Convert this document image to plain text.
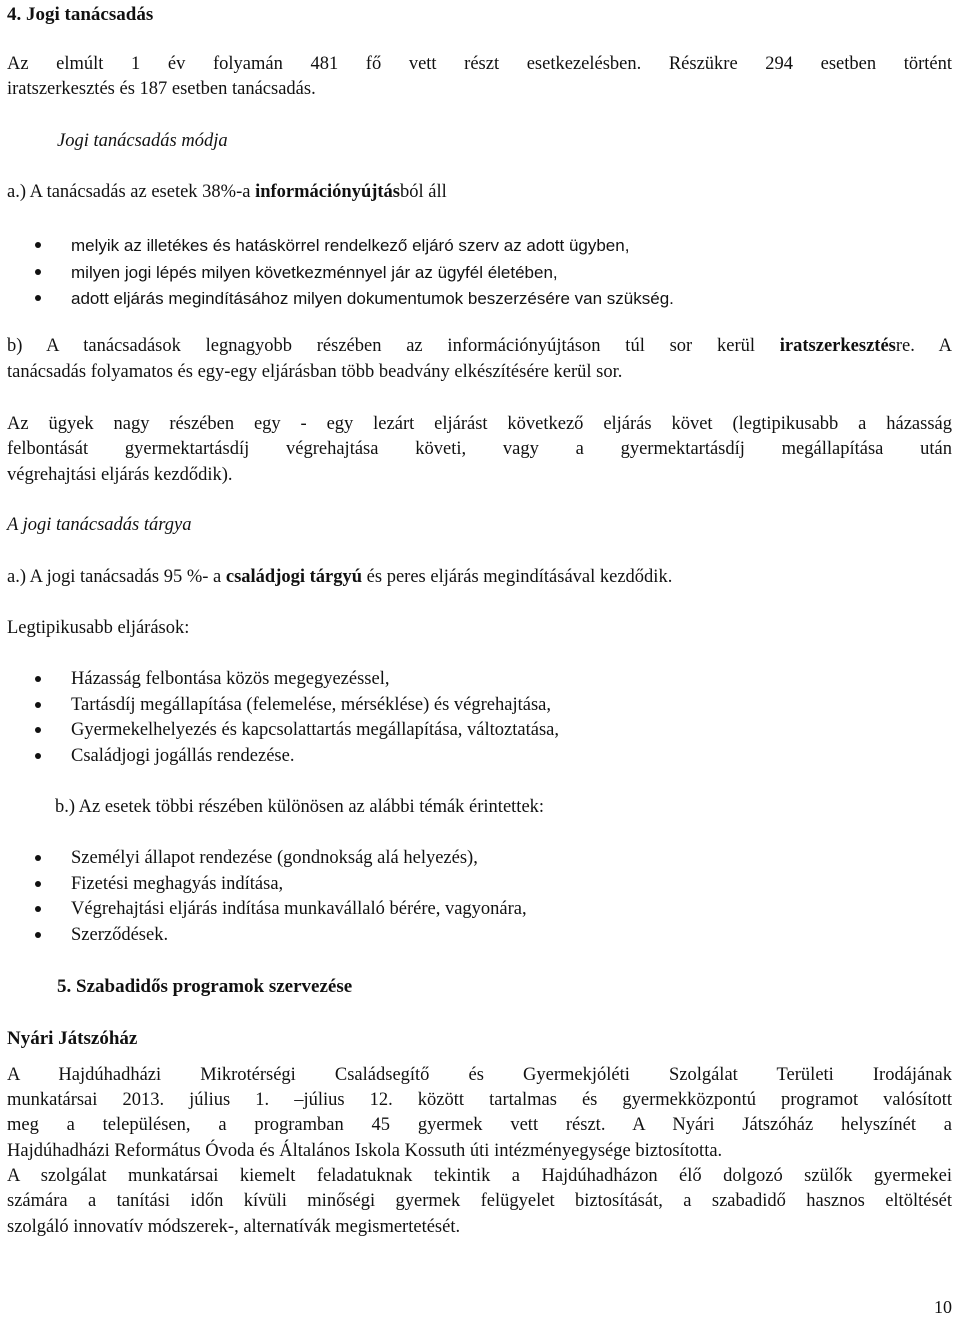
4. Jogi tanácsadás
Az elmúlt 1 év folyamán 481 fő vett részt esetkezelésben. Részükre 294 esetben történt
iratszerkesztés és 187 esetben tanácsadás.
Jogi tanácsadás módja
a.) A tanácsadás az esetek 38%-a információnyújtásból áll
melyik az illetékes és hatáskörrel rendelkező eljáró szerv az adott ügyben,
milyen jogi lépés milyen következménnyel jár az ügyfél életében,
adott eljárás megindításához milyen dokumentumok beszerzésére van szükség.
b) A tanácsadások legnagyobb részében az információnyújtáson túl sor kerül iratszerkesztésre. A
tanácsadás folyamatos és egy-egy eljárásban több beadvány elkészítésére kerül sor.
Az ügyek nagy részében egy - egy lezárt eljárást következő eljárás követ (legtipikusabb a házasság
felbontását gyermektartásdíj végrehajtása követi, vagy a gyermektartásdíj megállapítása után
végrehajtási eljárás kezdődik).
A jogi tanácsadás tárgya
a.) A jogi tanácsadás 95 %- a családjogi tárgyú és peres eljárás megindításával kezdődik.
Legtipikusabb eljárások:
Házasság felbontása közös megegyezéssel,
Tartásdíj megállapítása (felemelése, mérséklése) és végrehajtása,
Gyermekelhelyezés és kapcsolattartás megállapítása, változtatása,
Családjogi jogállás rendezése.
b.) Az esetek többi részében különösen az alábbi témák érintettek:
Személyi állapot rendezése (gondnokság alá helyezés),
Fizetési meghagyás indítása,
Végrehajtási eljárás indítása munkavállaló bérére, vagyonára,
Szerződések.
5. Szabadidős programok szervezése
Nyári Játszóház
A Hajdúhadházi Mikrotérségi Családsegítő és Gyermekjóléti Szolgálat Területi Irodájának
munkatársai 2013. július 1. –július 12. között tartalmas és gyermekközpontú programot valósított
meg a településen, a programban 45 gyermek vett részt. A Nyári Játszóház helyszínét a
Hajdúhadházi Református Óvoda és Általános Iskola Kossuth úti intézményegysége biztosította.
A szolgálat munkatársai kiemelt feladatuknak tekintik a Hajdúhadházon élő dolgozó szülők gyermekei
számára a tanítási időn kívüli minőségi gyermek felügyelet biztosítását, a szabadidő hasznos eltöltését
szolgáló innovatív módszerek-, alternatívák megismertetését.
10
